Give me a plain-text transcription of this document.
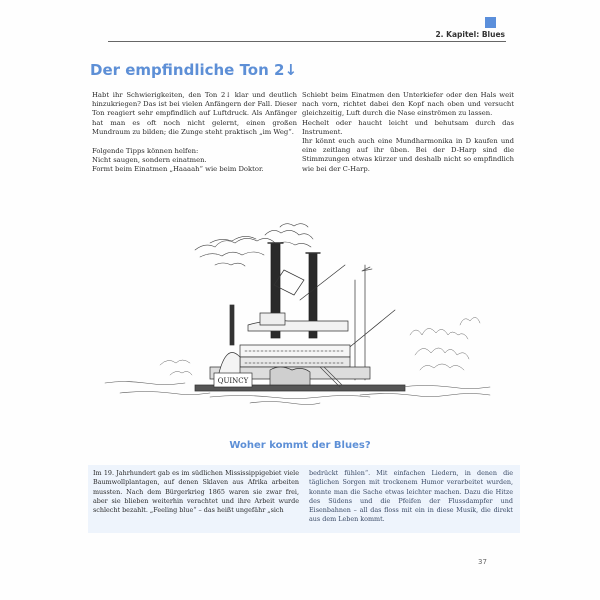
2. Kapitel: Blues
Der empfindliche Ton 2↓

Habt ihr Schwierigkeiten, den Ton 2↓ klar und deutlich hinzukriegen? Das ist bei vielen Anfängern der Fall. Dieser Ton reagiert sehr empfindlich auf Luftdruck. Als Anfänger hat man es oft noch nicht gelernt, einen großen Mundraum zu bilden; die Zunge steht praktisch „im Weg“.

Folgende Tipps können helfen:

Nicht saugen, sondern einatmen.

Formt beim Einatmen „Haaaah“ wie beim Doktor.

Schiebt beim Einatmen den Unterkiefer oder den Hals weit nach vorn, richtet dabei den Kopf nach oben und versucht gleichzeitig, Luft durch die Nase einströmen zu lassen.

Hechelt oder haucht leicht und behutsam durch das Instrument.

Ihr könnt euch auch eine Mundharmonika in D kaufen und eine zeitlang auf ihr üben. Bei der D-Harp sind die Stimmzungen etwas kürzer und deshalb nicht so empfindlich wie bei der C-Harp.

QUINCY
Woher kommt der Blues?
Im 19. Jahrhundert gab es im südlichen Mississippigebiet viele Baumwollplantagen, auf denen Sklaven aus Afrika arbeiten mussten. Nach dem Bürgerkrieg 1865 waren sie zwar frei, aber sie blieben weiterhin verachtet und ihre Arbeit wurde schlecht bezahlt. „Feeling blue“ – das heißt ungefähr „sich
bedrückt fühlen“. Mit einfachen Liedern, in denen die täglichen Sorgen mit trockenem Humor verarbeitet wurden, konnte man die Sache etwas leichter machen. Dazu die Hitze des Südens und die Pfeifen der Flussdampfer und Eisenbahnen – all das floss mit ein in diese Musik, die direkt aus dem Leben kommt.
37
